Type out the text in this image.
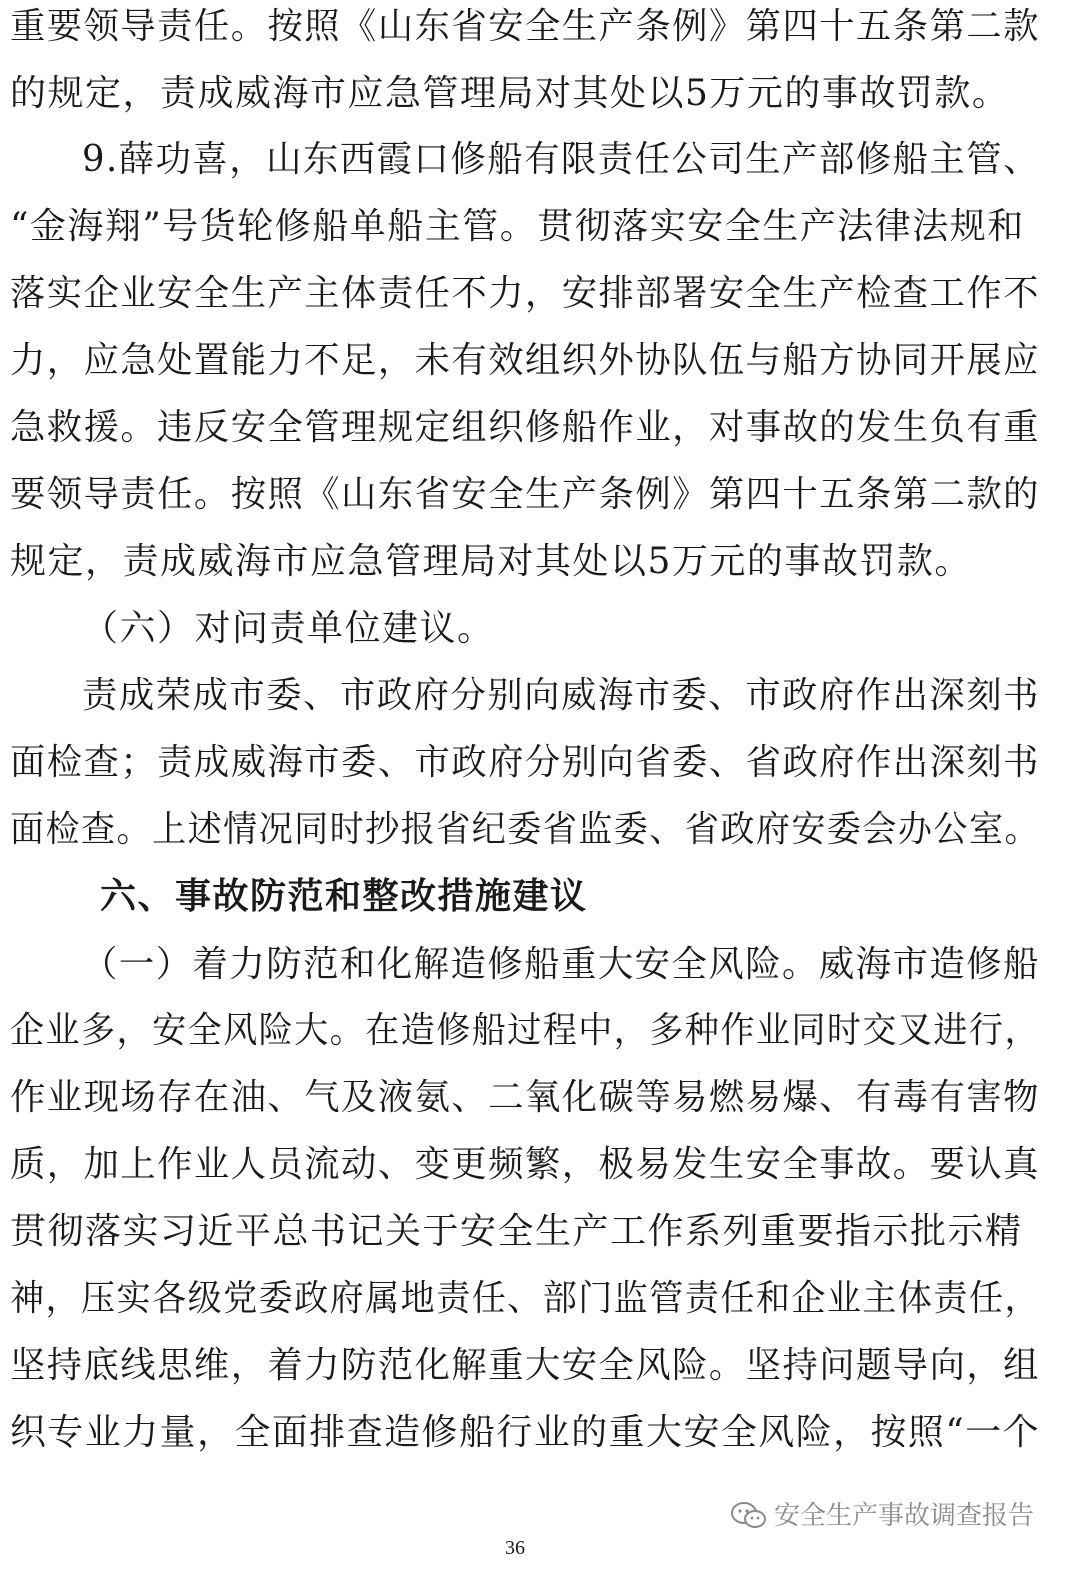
重要领导责任。按照《山东省安全生产条例》第四十五条第二款
的规定，责成威海市应急管理局对其处以5万元的事故罚款。
9.薛功喜，山东西霞口修船有限责任公司生产部修船主管、
“金海翔”号货轮修船单船主管。贯彻落实安全生产法律法规和
落实企业安全生产主体责任不力，安排部署安全生产检查工作不
力，应急处置能力不足，未有效组织外协队伍与船方协同开展应
急救援。违反安全管理规定组织修船作业，对事故的发生负有重
要领导责任。按照《山东省安全生产条例》第四十五条第二款的
规定，责成威海市应急管理局对其处以5万元的事故罚款。
（六）对问责单位建议。
责成荣成市委、市政府分别向威海市委、市政府作出深刻书
面检查；责成威海市委、市政府分别向省委、省政府作出深刻书
面检查。上述情况同时抄报省纪委省监委、省政府安委会办公室。
六、事故防范和整改措施建议
（一）着力防范和化解造修船重大安全风险。威海市造修船
企业多，安全风险大。在造修船过程中，多种作业同时交叉进行，
作业现场存在油、气及液氨、二氧化碳等易燃易爆、有毒有害物
质，加上作业人员流动、变更频繁，极易发生安全事故。要认真
贯彻落实习近平总书记关于安全生产工作系列重要指示批示精
神，压实各级党委政府属地责任、部门监管责任和企业主体责任，
坚持底线思维，着力防范化解重大安全风险。坚持问题导向，组
织专业力量，全面排查造修船行业的重大安全风险，按照“一个
安全生产事故调查报告
36
